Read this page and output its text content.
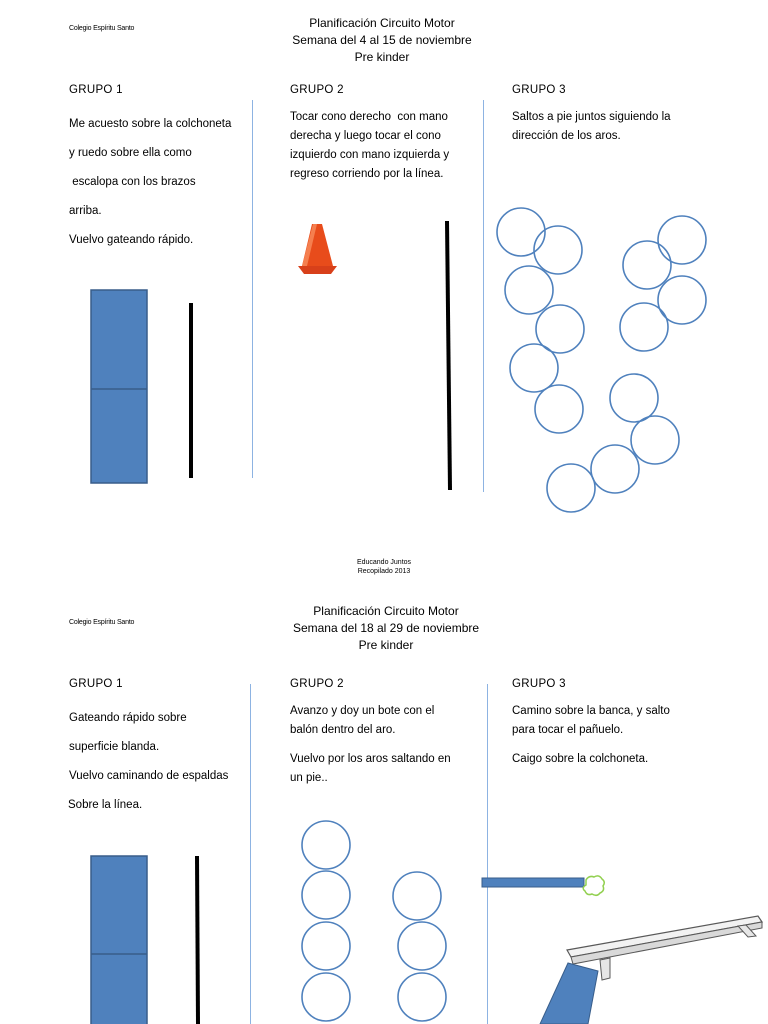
Colegio Espíritu Santo	Planificación Circuito Motor
Semana del 4 al 15 de noviembre
Pre kinder
GRUPO 1

Me acuesto sobre la colchoneta

y ruedo sobre ella como

escalopa con los brazos

arriba.

Vuelvo gateando rápido.

GRUPO 2

Tocar cono derecho  con mano

derecha y luego tocar el cono

izquierdo con mano izquierda y

regreso corriendo por la línea.

GRUPO 3

Saltos a pie juntos siguiendo la

dirección de los aros.

Educando Juntos
Recopilado 2013
Colegio Espíritu Santo
Planificación Circuito Motor
Semana del 18 al 29 de noviembre
Pre kinder
GRUPO 1

Gateando rápido sobre

superficie blanda.

Vuelvo caminando de espaldas

Sobre la línea.

GRUPO 2

Avanzo y doy un bote con el

balón dentro del aro.

Vuelvo por los aros saltando en

un pie..

GRUPO 3

Camino sobre la banca, y salto

para tocar el pañuelo.

Caigo sobre la colchoneta.
